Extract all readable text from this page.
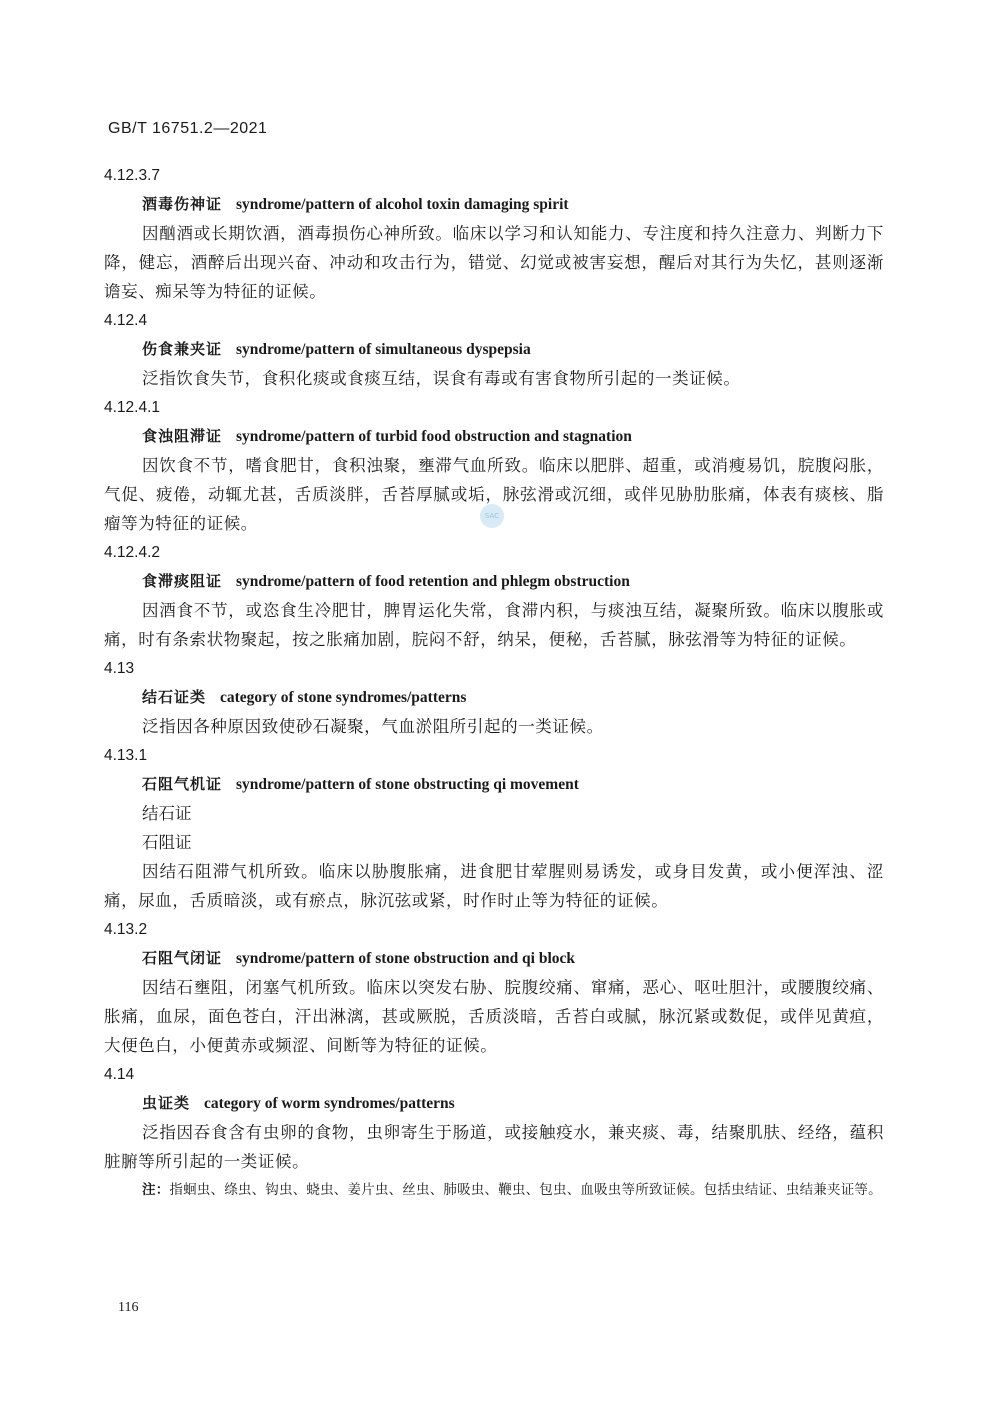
GB/T 16751.2—2021
SAC
4.12.3.7
酒毒伤神证 syndrome/pattern of alcohol toxin damaging spirit
因酗酒或长期饮酒，酒毒损伤心神所致。临床以学习和认知能力、专注度和持久注意力、判断力下降，健忘，酒醉后出现兴奋、冲动和攻击行为，错觉、幻觉或被害妄想，醒后对其行为失忆，甚则逐渐谵妄、痴呆等为特征的证候。
4.12.4
伤食兼夹证 syndrome/pattern of simultaneous dyspepsia
泛指饮食失节，食积化痰或食痰互结，误食有毒或有害食物所引起的一类证候。
4.12.4.1
食浊阻滞证 syndrome/pattern of turbid food obstruction and stagnation
因饮食不节，嗜食肥甘，食积浊聚，壅滞气血所致。临床以肥胖、超重，或消瘦易饥，脘腹闷胀，气促、疲倦，动辄尤甚，舌质淡胖，舌苔厚腻或垢，脉弦滑或沉细，或伴见胁肋胀痛，体表有痰核、脂瘤等为特征的证候。
4.12.4.2
食滞痰阻证 syndrome/pattern of food retention and phlegm obstruction
因酒食不节，或恣食生冷肥甘，脾胃运化失常，食滞内积，与痰浊互结，凝聚所致。临床以腹胀或痛，时有条索状物聚起，按之胀痛加剧，脘闷不舒，纳呆，便秘，舌苔腻，脉弦滑等为特征的证候。
4.13
结石证类 category of stone syndromes/patterns
泛指因各种原因致使砂石凝聚，气血淤阻所引起的一类证候。
4.13.1
石阻气机证 syndrome/pattern of stone obstructing qi movement
结石证
石阻证
因结石阻滞气机所致。临床以胁腹胀痛，进食肥甘荤腥则易诱发，或身目发黄，或小便浑浊、涩痛，尿血，舌质暗淡，或有瘀点，脉沉弦或紧，时作时止等为特征的证候。
4.13.2
石阻气闭证 syndrome/pattern of stone obstruction and qi block
因结石壅阻，闭塞气机所致。临床以突发右胁、脘腹绞痛、窜痛，恶心、呕吐胆汁，或腰腹绞痛、胀痛，血尿，面色苍白，汗出淋漓，甚或厥脱，舌质淡暗，舌苔白或腻，脉沉紧或数促，或伴见黄疸，大便色白，小便黄赤或频涩、间断等为特征的证候。
4.14
虫证类 category of worm syndromes/patterns
泛指因吞食含有虫卵的食物，虫卵寄生于肠道，或接触疫水，兼夹痰、毒，结聚肌肤、经络，蕴积脏腑等所引起的一类证候。
注：指蛔虫、绦虫、钩虫、蛲虫、姜片虫、丝虫、肺吸虫、鞭虫、包虫、血吸虫等所致证候。包括虫结证、虫结兼夹证等。
116
